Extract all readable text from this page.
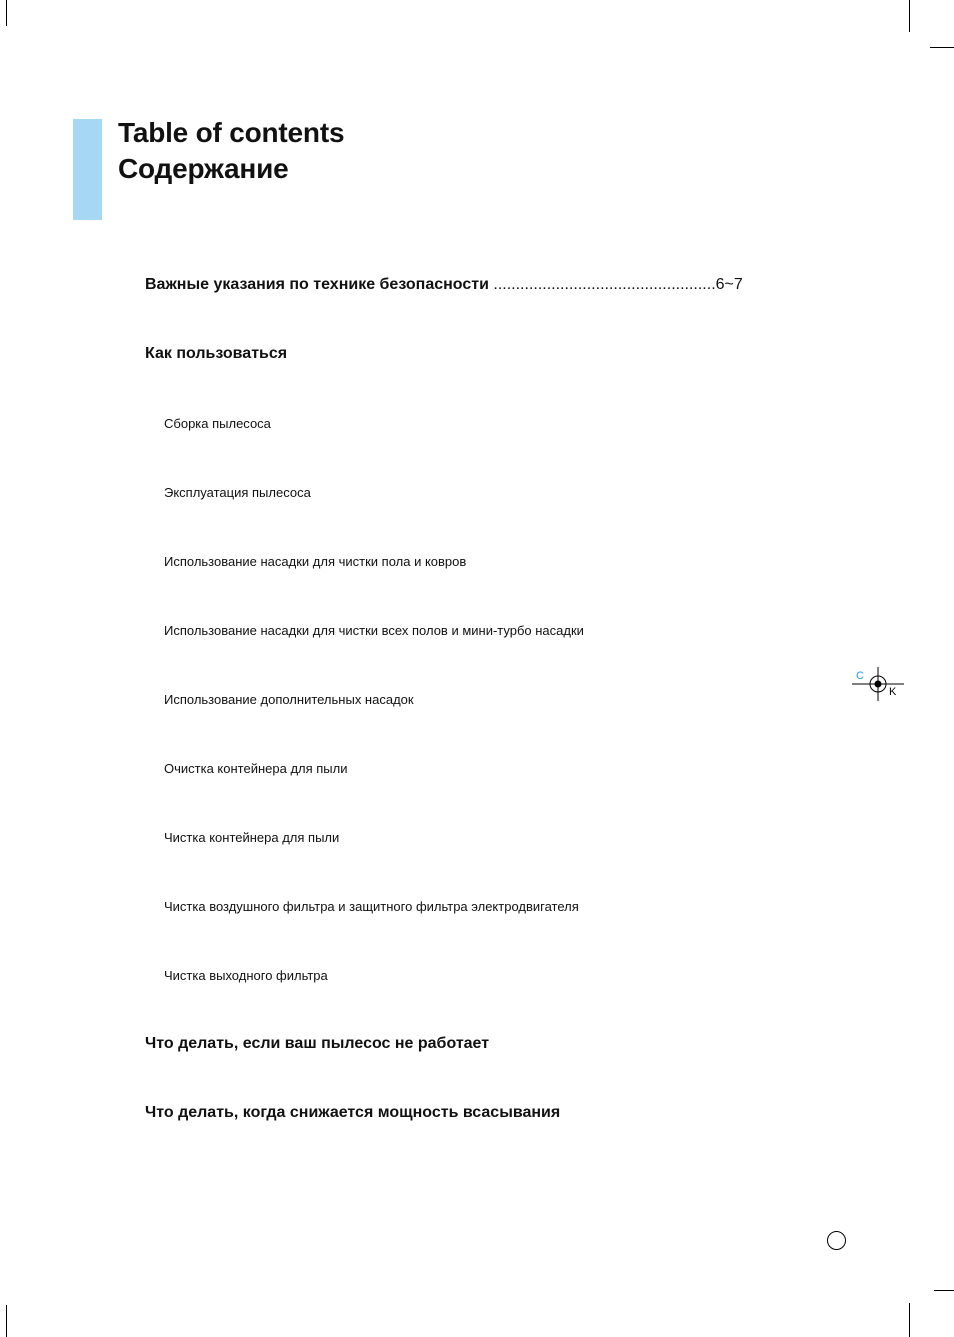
Table of contents
Содержание
Важные указания по технике безопасности ..................................................6~7
Как пользоваться
Сборка пылесоса
Эксплуатация пылесоса
Использование насадки для чистки пола и ковров
Использование насадки для чистки всех полов и мини-турбо насадки
Использование дополнительных насадок
Очистка контейнера для пыли
Чистка контейнера для пыли
Чистка воздушного фильтра и защитного фильтра электродвигателя
Чистка выходного фильтра
Что делать, если ваш пылесос не работает
Что делать, когда снижается мощность всасывания
C
K
